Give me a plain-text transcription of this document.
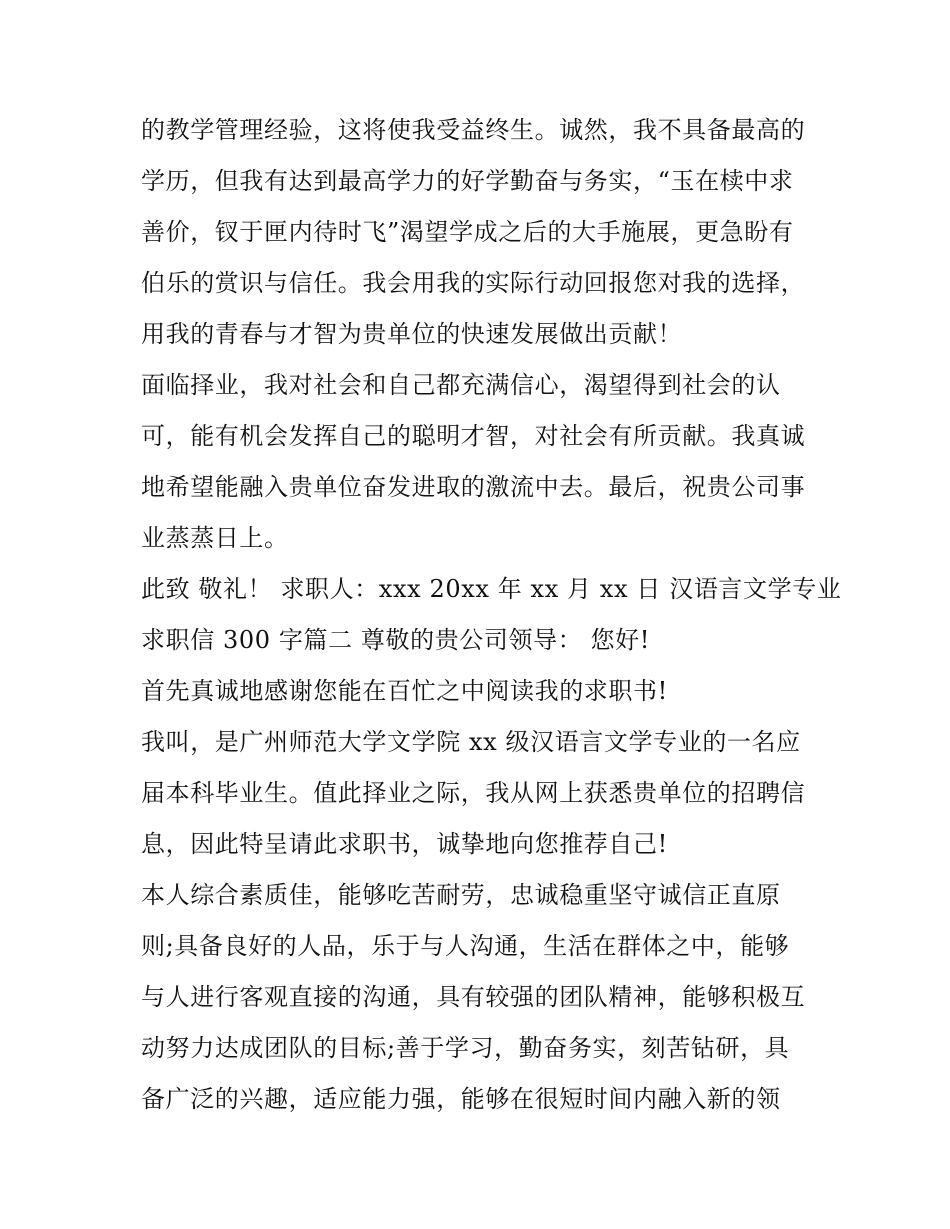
的教学管理经验，这将使我受益终生。诚然，我不具备最高的
学历，但我有达到最高学力的好学勤奋与务实，“玉在椟中求
善价，钗于匣内待时飞”渴望学成之后的大手施展，更急盼有
伯乐的赏识与信任。我会用我的实际行动回报您对我的选择，
用我的青春与才智为贵单位的快速发展做出贡献！
面临择业，我对社会和自己都充满信心，渴望得到社会的认
可，能有机会发挥自己的聪明才智，对社会有所贡献。我真诚
地希望能融入贵单位奋发进取的激流中去。最后，祝贵公司事
业蒸蒸日上。
此致 敬礼！ 求职人：xxx 20xx 年 xx 月 xx 日 汉语言文学专业
求职信 300 字篇二 尊敬的贵公司领导： 您好!
首先真诚地感谢您能在百忙之中阅读我的求职书!
我叫，是广州师范大学文学院 xx 级汉语言文学专业的一名应
届本科毕业生。值此择业之际，我从网上获悉贵单位的招聘信
息，因此特呈请此求职书，诚挚地向您推荐自己!
本人综合素质佳，能够吃苦耐劳，忠诚稳重坚守诚信正直原
则;具备良好的人品，乐于与人沟通，生活在群体之中，能够
与人进行客观直接的沟通，具有较强的团队精神，能够积极互
动努力达成团队的目标;善于学习，勤奋务实，刻苦钻研，具
备广泛的兴趣，适应能力强，能够在很短时间内融入新的领
